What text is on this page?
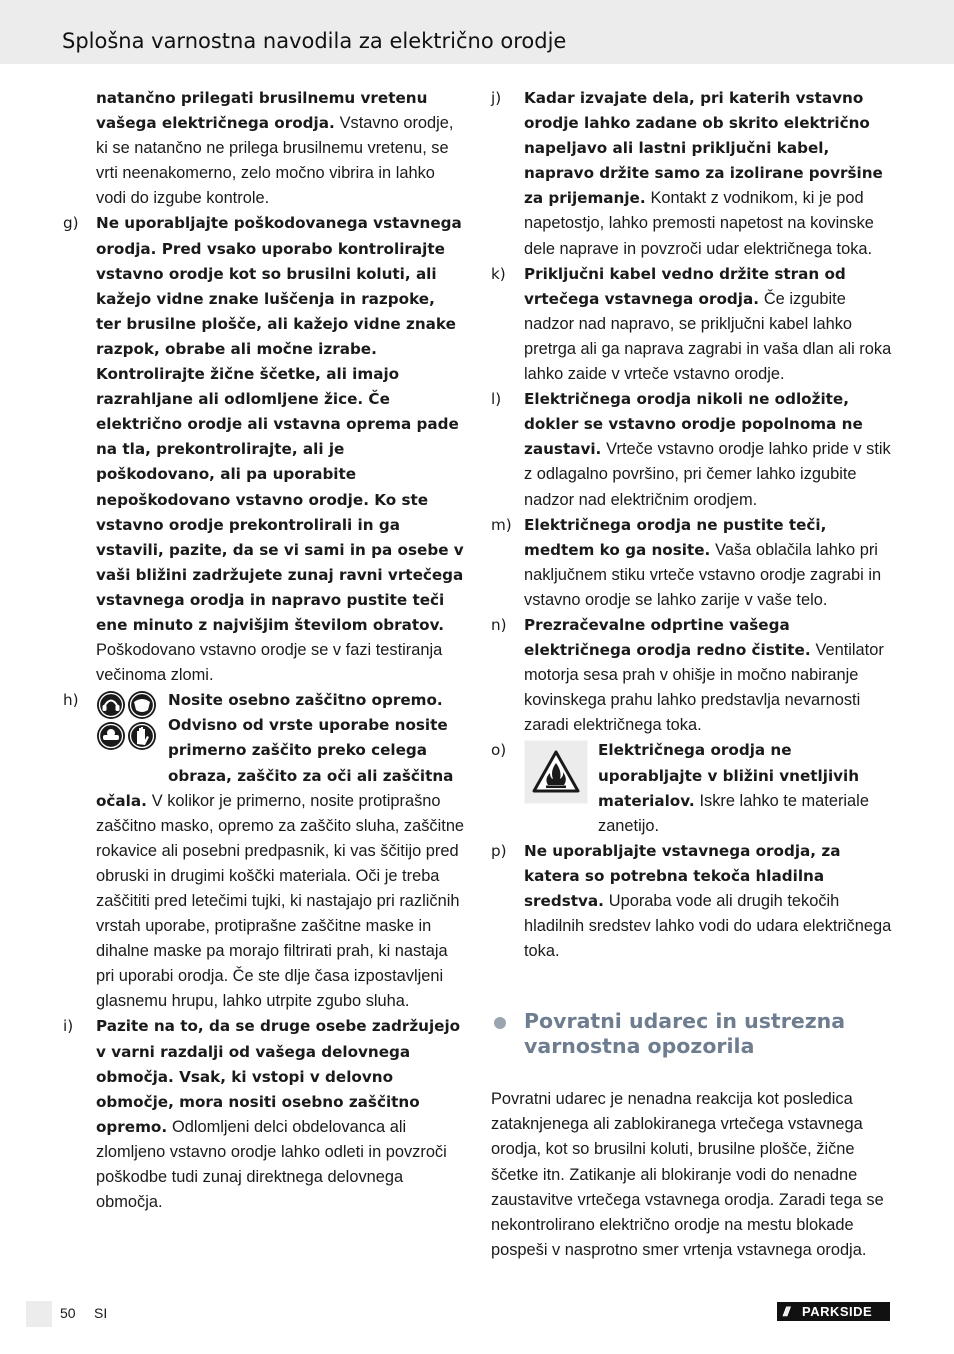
Splošna varnostna navodila za električno orodje
natančno prilegati brusilnemu vretenu vašega električnega orodja. Vstavno orodje, ki se natančno ne prilega brusilnemu vretenu, se vrti neenakomerno, zelo močno vibrira in lahko vodi do izgube kontrole.
g) Ne uporabljajte poškodovanega vstavnega orodja. Pred vsako uporabo kontrolirajte vstavno orodje kot so brusilni koluti, ali kažejo vidne znake luščenja in razpoke, ter brusilne plošče, ali kažejo vidne znake razpok, obrabe ali močne izrabe. Kontrolirajte žične ščetke, ali imajo razrahljane ali odlomljene žice. Če električno orodje ali vstavna oprema pade na tla, prekontrolirajte, ali je poškodovano, ali pa uporabite nepoškodovano vstavno orodje. Ko ste vstavno orodje prekontrolirali in ga vstavili, pazite, da se vi sami in pa osebe v vaši bližini zadržujete zunaj ravni vrtečega vstavnega orodja in napravo pustite teči ene minuto z najvišjim številom obratov. Poškodovano vstavno orodje se v fazi testiranja večinoma zlomi.
h)	Nosite osebno zaščitno opremo. Odvisno od vrste uporabe nosite primerno zaščito preko celega obraza, zaščito za oči ali zaščitna očala. V kolikor je primerno, nosite protiprašno zaščitno masko, opremo za zaščito sluha, zaščitne rokavice ali posebni predpasnik, ki vas ščitijo pred obruski in drugimi koščki materiala. Oči je treba zaščititi pred letečimi tujki, ki nastajajo pri različnih vrstah uporabe, protiprašne zaščitne maske in dihalne maske pa morajo filtrirati prah, ki nastaja pri uporabi orodja. Če ste dlje časa izpostavljeni glasnemu hrupu, lahko utrpite zgubo sluha.
i) Pazite na to, da se druge osebe zadržujejo v varni razdalji od vašega delovnega območja. Vsak, ki vstopi v delovno območje, mora nositi osebno zaščitno opremo. Odlomljeni delci obdelovanca ali zlomljeno vstavno orodje lahko odleti in povzroči poškodbe tudi zunaj direktnega delovnega območja.
j) Kadar izvajate dela, pri katerih vstavno orodje lahko zadane ob skrito električno napeljavo ali lastni priključni kabel, napravo držite samo za izolirane površine za prijemanje. Kontakt z vodnikom, ki je pod napetostjo, lahko premosti napetost na kovinske dele naprave in povzroči udar električnega toka.
k) Priključni kabel vedno držite stran od vrtečega vstavnega orodja. Če izgubite nadzor nad napravo, se priključni kabel lahko pretrga ali ga naprava zagrabi in vaša dlan ali roka lahko zaide v vrteče vstavno orodje.
l) Električnega orodja nikoli ne odložite, dokler se vstavno orodje popolnoma ne zaustavi. Vrteče vstavno orodje lahko pride v stik z odlagalno površino, pri čemer lahko izgubite nadzor nad električnim orodjem.
m) Električnega orodja ne pustite teči, medtem ko ga nosite. Vaša oblačila lahko pri naključnem stiku vrteče vstavno orodje zagrabi in vstavno orodje se lahko zarije v vaše telo.
n) Prezračevalne odprtine vašega električnega orodja redno čistite. Ventilator motorja sesa prah v ohišje in močno nabiranje kovinskega prahu lahko predstavlja nevarnosti zaradi električnega toka.
o)	Električnega orodja ne uporabljajte v bližini vnetljivih materialov. Iskre lahko te materiale zanetijo.
p) Ne uporabljajte vstavnega orodja, za katera so potrebna tekoča hladilna sredstva. Uporaba vode ali drugih tekočih hladilnih sredstev lahko vodi do udara električnega toka.
Povratni udarec in ustrezna varnostna opozorila
Povratni udarec je nenadna reakcija kot posledica zataknjenega ali zablokiranega vrtečega vstavnega orodja, kot so brusilni koluti, brusilne plošče, žične ščetke itn. Zatikanje ali blokiranje vodi do nenadne zaustavitve vrtečega vstavnega orodja. Zaradi tega se nekontrolirano električno orodje na mestu blokade pospeši v nasprotno smer vrtenja vstavnega orodja.
50 SI	/// PARKSIDE
